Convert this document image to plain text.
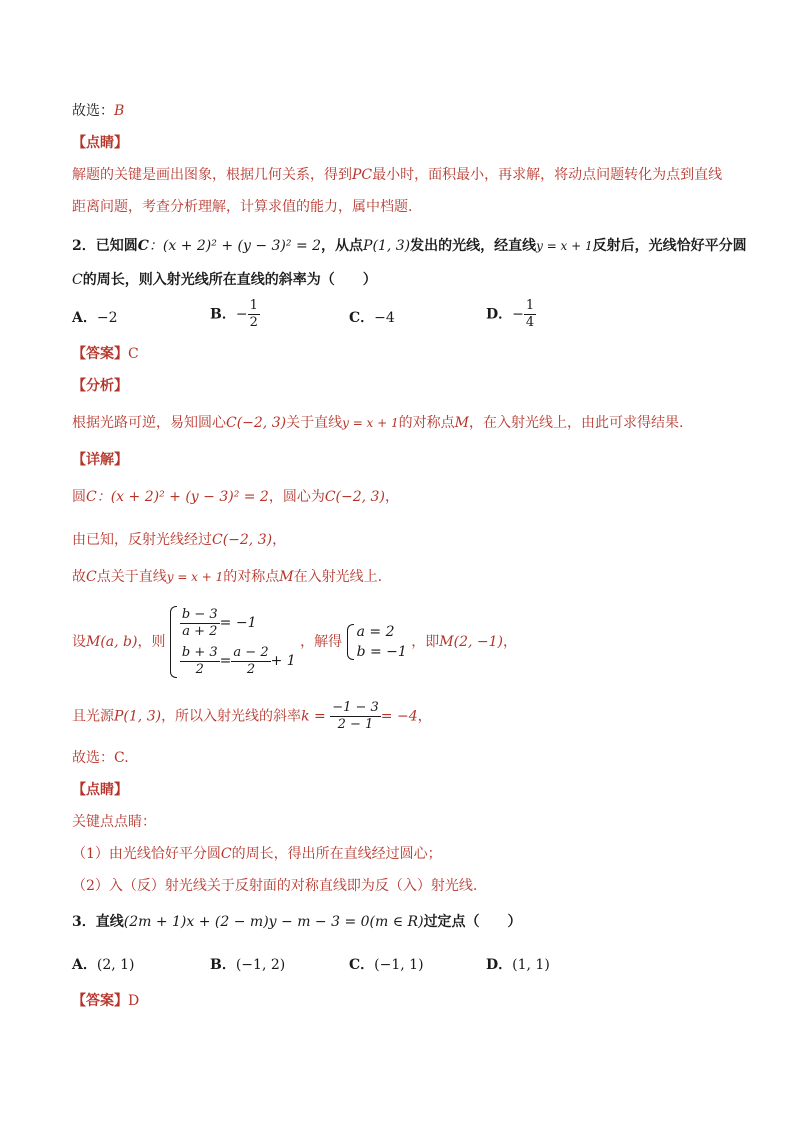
故选：B
【点睛】
解题的关键是画出图象，根据几何关系，得到PC最小时，面积最小，再求解，将动点问题转化为点到直线
距离问题，考查分析理解，计算求值的能力，属中档题.
2．已知圆C：(x + 2)² + (y − 3)² = 2，从点P(1, 3)发出的光线，经直线y = x + 1反射后，光线恰好平分圆
C的周长，则入射光线所在直线的斜率为（　　）
A．−2	B．− $\frac{1}{2}$	C．−4	D．− $\frac{1}{4}$
【答案】C
【分析】
根据光路可逆，易知圆心C(−2, 3)关于直线y = x + 1的对称点M，在入射光线上，由此可求得结果.
【详解】
圆C：(x + 2)² + (y − 3)² = 2，圆心为C(−2, 3)，
由已知，反射光线经过C(−2, 3)，
故C点关于直线y = x + 1的对称点M在入射光线上.
设M(a, b)，则
$\frac{b - 3}{a + 2} = -1$
$\frac{b + 3}{2} = \frac{a - 2}{2} + 1$
，解得
a = 2
b = −1
，即M(2, −1)，
且光源P(1, 3)，所以入射光线的斜率$k = \frac{-1 - 3}{2 - 1} = -4$，
故选：C.
【点睛】
关键点点睛：
（1）由光线恰好平分圆C的周长，得出所在直线经过圆心；
（2）入（反）射光线关于反射面的对称直线即为反（入）射光线.
3．直线(2m + 1)x + (2 − m)y − m − 3 = 0(m ∈ R)过定点（　　）
A．(2, 1)	B．(−1, 2)	C．(−1, 1)	D．(1, 1)
【答案】D
